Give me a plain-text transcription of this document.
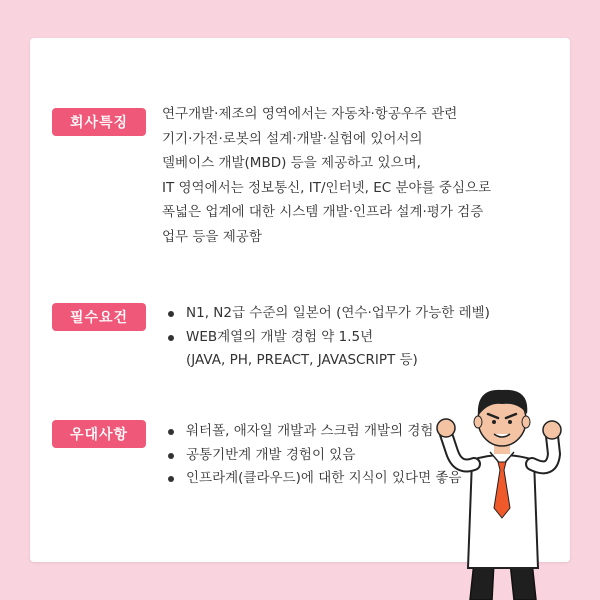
회사특징
연구개발·제조의 영역에서는 자동차·항공우주 관련
기기·가전·로봇의 설계·개발·실험에 있어서의
델베이스 개발(MBD) 등을 제공하고 있으며,
IT 영역에서는 정보통신, IT/인터넷, EC 분야를 중심으로
폭넓은 업계에 대한 시스템 개발·인프라 설계·평가 검증
업무 등을 제공함
필수요건	N1, N2급 수준의 일본어 (연수·업무가 가능한 레벨)
WEB계열의 개발 경험 약 1.5년
(JAVA, PH, PREACT, JAVASCRIPT 등)
우대사항	워터폴, 애자일 개발과 스크럼 개발의 경험
공통기반계 개발 경험이 있음
인프라계(클라우드)에 대한 지식이 있다면 좋음
